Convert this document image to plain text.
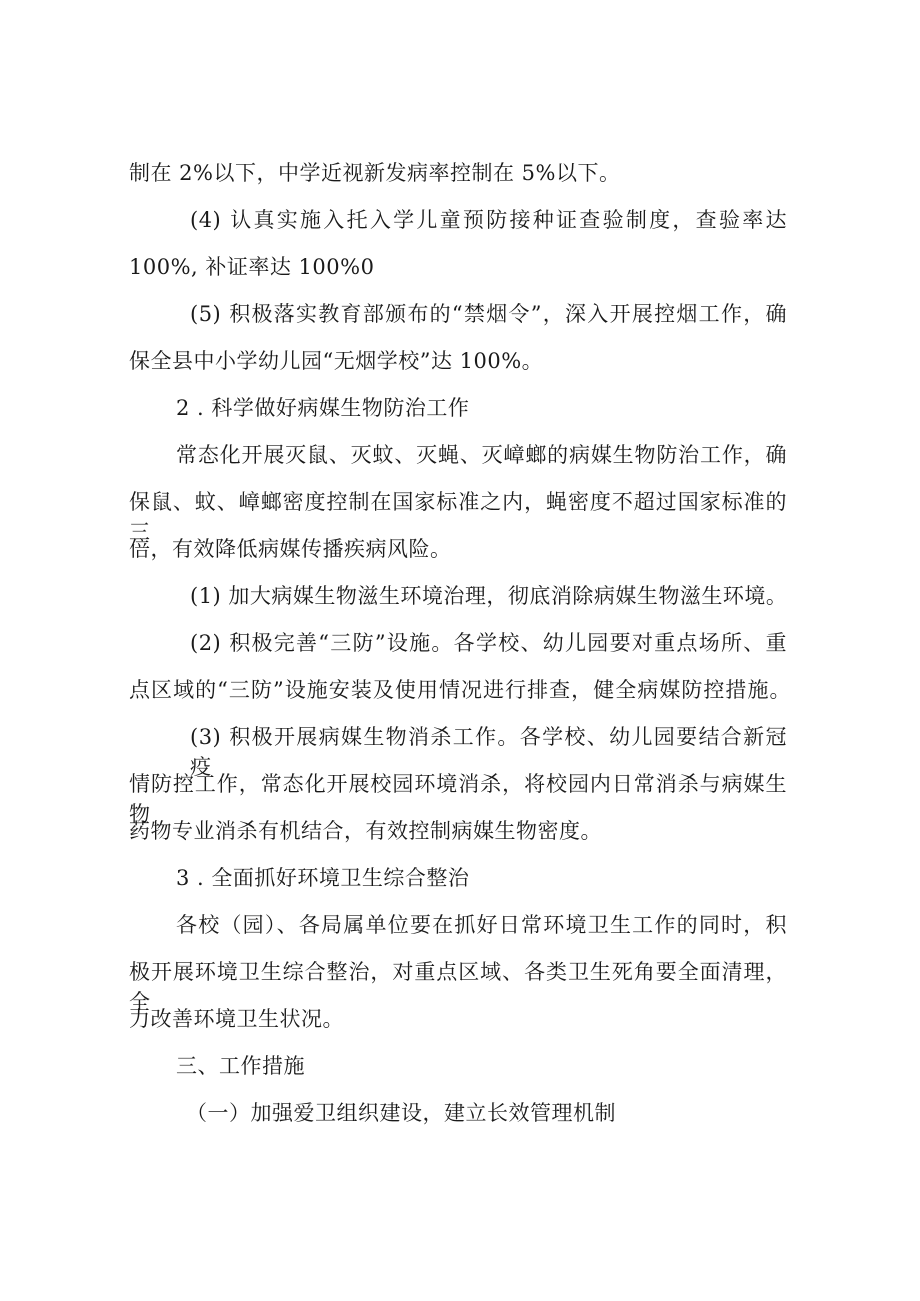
制在 2%以下，中学近视新发病率控制在 5%以下。
(4) 认真实施入托入学儿童预防接种证查验制度，查验率达
100%, 补证率达 100%0
(5) 积极落实教育部颁布的“禁烟令”，深入开展控烟工作，确
保全县中小学幼儿园“无烟学校”达 100%。
2 . 科学做好病媒生物防治工作
常态化开展灭鼠、灭蚊、灭蝇、灭嶂螂的病媒生物防治工作，确
保鼠、蚊、嶂螂密度控制在国家标准之内，蝇密度不超过国家标准的三
倍，有效降低病媒传播疾病风险。
(1) 加大病媒生物滋生环境治理，彻底消除病媒生物滋生环境。
(2) 积极完善“三防”设施。各学校、幼儿园要对重点场所、重
点区域的“三防”设施安装及使用情况进行排查，健全病媒防控措施。
(3) 积极开展病媒生物消杀工作。各学校、幼儿园要结合新冠疫
情防控工作，常态化开展校园环境消杀，将校园内日常消杀与病媒生物
药物专业消杀有机结合，有效控制病媒生物密度。
3 . 全面抓好环境卫生综合整治
各校（园）、各局属单位要在抓好日常环境卫生工作的同时，积
极开展环境卫生综合整治，对重点区域、各类卫生死角要全面清理，全
力改善环境卫生状况。
三、工作措施
（一）加强爱卫组织建设，建立长效管理机制
